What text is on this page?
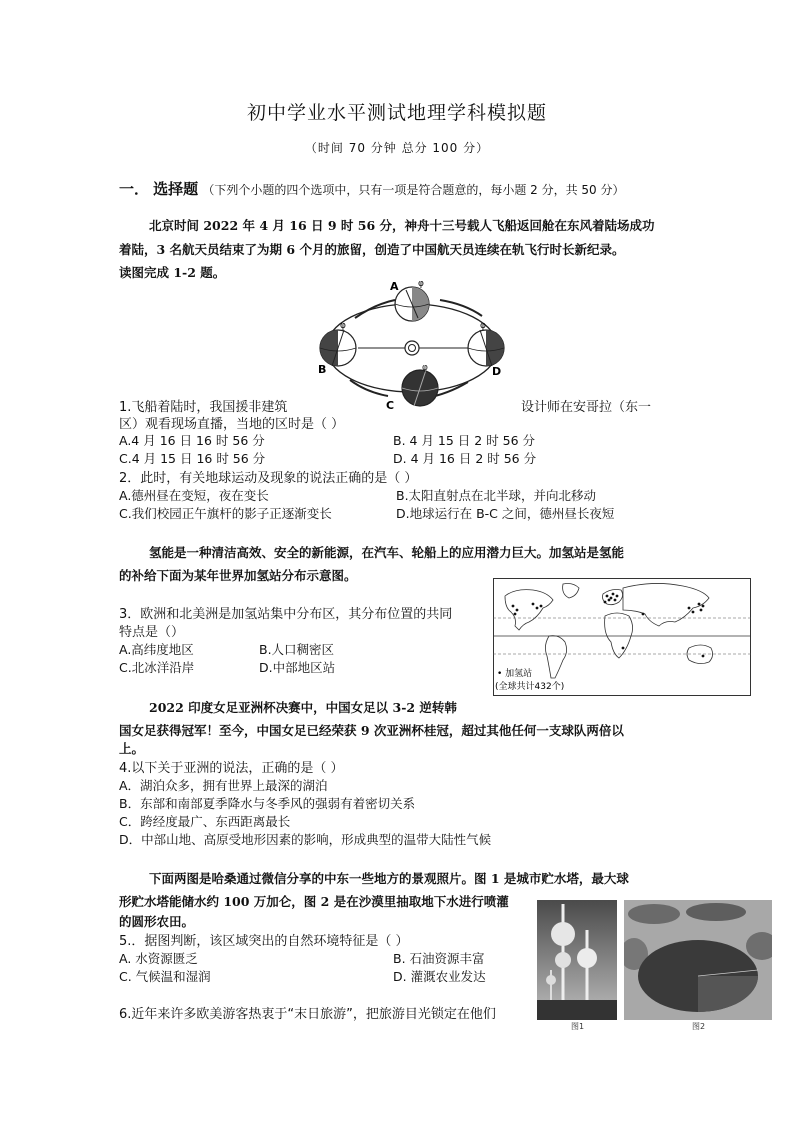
初中学业水平测试地理学科模拟题
（时间 70 分钟 总分 100 分）
一． 选择题 （下列个小题的四个选项中，只有一项是符合题意的，每小题 2 分，共 50 分）
北京时间 2022 年 4 月 16 日 9 时 56 分，神舟十三号载人飞船返回舱在东风着陆场成功
着陆，3 名航天员结束了为期 6 个月的旅留，创造了中国航天员连续在轨飞行时长新纪录。
读图完成 1-2 题。
A
B
C
D
φ
φ
φ
φ
1.飞船着陆时，我国援非建筑	设计师在安哥拉（东一
区）观看现场直播，当地的区时是（ ）
A.4 月 16 日 16 时 56 分	B. 4 月 15 日 2 时 56 分
C.4 月 15 日 16 时 56 分	D. 4 月 16 日 2 时 56 分
2．此时，有关地球运动及现象的说法正确的是（ ）
A.德州昼在变短，夜在变长	B.太阳直射点在北半球，并向北移动
C.我们校园正午旗杆的影子正逐渐变长	D.地球运行在 B-C 之间，德州昼长夜短
氢能是一种清洁高效、安全的新能源，在汽车、轮船上的应用潜力巨大。加氢站是氢能
的补给下面为某年世界加氢站分布示意图。
3．欧洲和北美洲是加氢站集中分布区，其分布位置的共同
特点是（）
A.高纬度地区	B.人口稠密区
C.北冰洋沿岸	D.中部地区站	• 加氢站
(全球共计432个)
2022 印度女足亚洲杯决赛中，中国女足以 3-2 逆转韩
国女足获得冠军！至今，中国女足已经荣获 9 次亚洲杯桂冠，超过其他任何一支球队两倍以
上。
4.以下关于亚洲的说法，正确的是（ ）
A．湖泊众多，拥有世界上最深的湖泊
B．东部和南部夏季降水与冬季风的强弱有着密切关系
C．跨经度最广、东西距离最长
D．中部山地、高原受地形因素的影响，形成典型的温带大陆性气候
下面两图是哈桑通过微信分享的中东一些地方的景观照片。图 1 是城市贮水塔，最大球
形贮水塔能储水约 100 万加仑，图 2 是在沙漠里抽取地下水进行喷灌
的圆形农田。
5.．据图判断，该区域突出的自然环境特征是（ ）
A. 水资源匮乏	B. 石油资源丰富
C. 气候温和湿润	D. 灌溉农业发达
图1	图2
6.近年来许多欧美游客热衷于“末日旅游”，把旅游目光锁定在他们
